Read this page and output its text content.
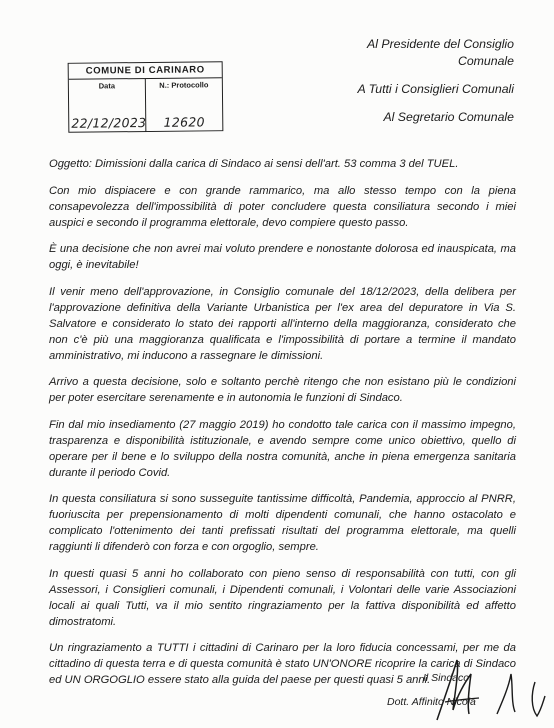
Al Presidente del Consiglio
Comunale
A Tutti i Consiglieri Comunali
Al Segretario Comunale
COMUNE DI CARINARO
Data
22/12/2023
N.: Protocollo
12620

Oggetto: Dimissioni dalla carica di Sindaco ai sensi dell'art. 53 comma 3 del TUEL.

Con mio dispiacere e con grande rammarico, ma allo stesso tempo con la piena consapevolezza dell'impossibilità di poter concludere questa consiliatura secondo i miei auspici e secondo il programma elettorale, devo compiere questo passo.

È una decisione che non avrei mai voluto prendere e nonostante dolorosa ed inauspicata, ma oggi, è inevitabile!

Il venir meno dell'approvazione, in Consiglio comunale del 18/12/2023, della delibera per l'approvazione definitiva della Variante Urbanistica per l'ex area del depuratore in Via S. Salvatore e considerato lo stato dei rapporti all'interno della maggioranza, considerato che non c'è più una maggioranza qualificata e l'impossibilità di portare a termine il mandato amministrativo, mi inducono a rassegnare le dimissioni.

Arrivo a questa decisione, solo e soltanto perchè ritengo che non esistano più le condizioni per poter esercitare serenamente e in autonomia le funzioni di Sindaco.

Fin dal mio insediamento (27 maggio 2019) ho condotto tale carica con il massimo impegno, trasparenza e disponibilità istituzionale, e avendo sempre come unico obiettivo, quello di operare per il bene e lo sviluppo della nostra comunità, anche in piena emergenza sanitaria durante il periodo Covid.

In questa consiliatura si sono susseguite tantissime difficoltà, Pandemia, approccio al PNRR, fuoriuscita per prepensionamento di molti dipendenti comunali, che hanno ostacolato e complicato l'ottenimento dei tanti prefissati risultati del programma elettorale, ma quelli raggiunti li difenderò con forza e con orgoglio, sempre.

In questi quasi 5 anni ho collaborato con pieno senso di responsabilità con tutti, con gli Assessori, i Consiglieri comunali, i Dipendenti comunali, i Volontari delle varie Associazioni locali ai quali Tutti, va il mio sentito ringraziamento per la fattiva disponibilità ed affetto dimostratomi.

Un ringraziamento a TUTTI i cittadini di Carinaro per la loro fiducia concessami, per me da cittadino di questa terra e di questa comunità è stato UN'ONORE ricoprire la carica di Sindaco ed UN ORGOGLIO essere stato alla guida del paese per questi quasi 5 anni.

Il Sindaco
Dott. Affinito Nicola
